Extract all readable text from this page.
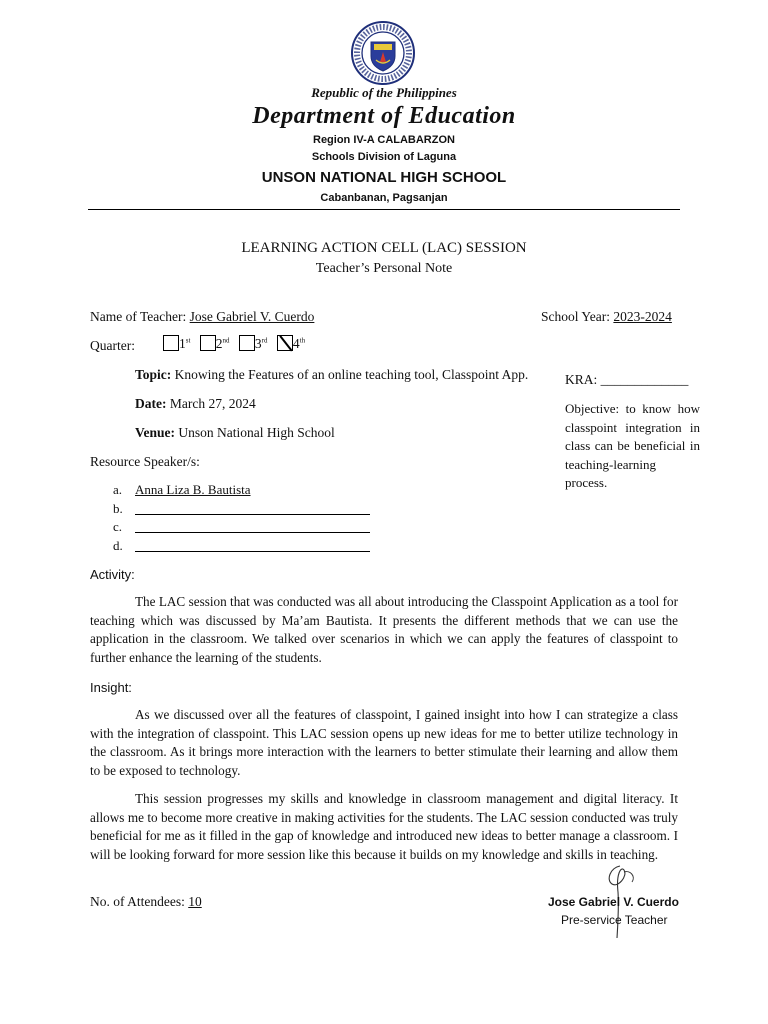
Republic of the Philippines
Department of Education
Region IV-A CALABARZON
Schools Division of Laguna
UNSON NATIONAL HIGH SCHOOL
Cabanbanan, Pagsanjan
LEARNING ACTION CELL (LAC) SESSION
Teacher’s Personal Note
Name of Teacher: Jose Gabriel V. Cuerdo	School Year: 2023-2024
Quarter:	1st 2nd 3rd 4th
Topic: Knowing the Features of an online teaching tool, Classpoint App.
Date: March 27, 2024
Venue: Unson National High School
KRA: _____________
Objective: to know how classpoint integration in class can be beneficial in teaching-learning process.
Resource Speaker/s:
a. Anna Liza B. Bautista
b.
c.
d.
Activity:

The LAC session that was conducted was all about introducing the Classpoint Application as a tool for teaching which was discussed by Ma’am Bautista. It presents the different methods that we can use the application in the classroom. We talked over scenarios in which we can apply the features of classpoint to further enhance the learning of the students.

Insight:

As we discussed over all the features of classpoint, I gained insight into how I can strategize a class with the integration of classpoint. This LAC session opens up new ideas for me to better utilize technology in the classroom. As it brings more interaction with the learners to better stimulate their learning and allow them to be exposed to technology.

This session progresses my skills and knowledge in classroom management and digital literacy. It allows me to become more creative in making activities for the students. The LAC session conducted was truly beneficial for me as it filled in the gap of knowledge and introduced new ideas to better manage a classroom. I will be looking forward for more session like this because it builds on my knowledge and skills in teaching.

No. of Attendees: 10	Jose Gabriel V. Cuerdo
Pre-service Teacher
